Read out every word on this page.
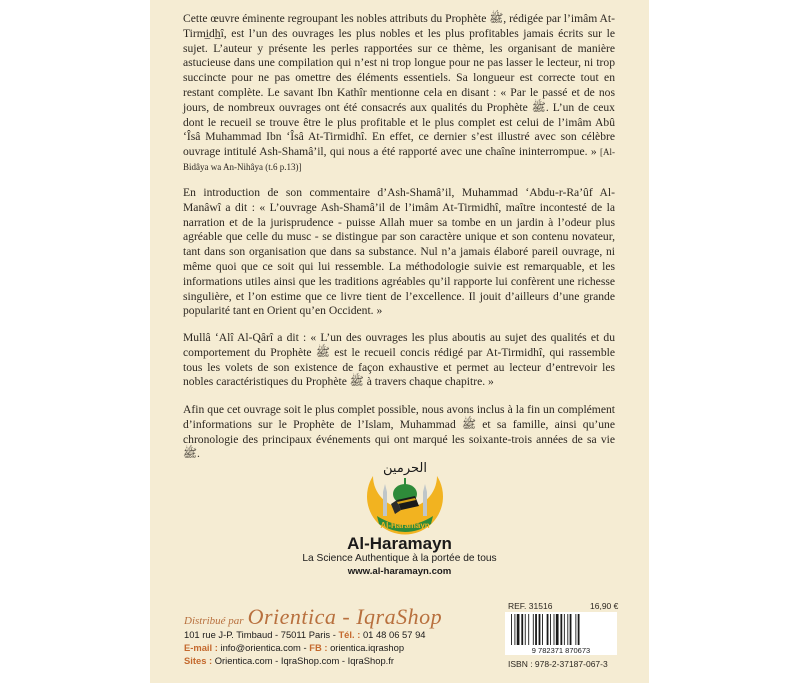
Cette œuvre éminente regroupant les nobles attributs du Prophète ﷺ, rédigée par l’imâm At-Tirmi̲dh̲î, est l’un des ouvrages les plus nobles et les plus profitables jamais écrits sur le sujet. L’auteur y présente les perles rapportées sur ce thème, les organisant de manière astucieuse dans une compilation qui n’est ni trop longue pour ne pas lasser le lecteur, ni trop succincte pour ne pas omettre des éléments essentiels. Sa longueur est correcte tout en restant complète. Le savant Ibn Kathîr mentionne cela en disant : « Par le passé et de nos jours, de nombreux ouvrages ont été consacrés aux qualités du Prophète ﷺ. L’un de ceux dont le recueil se trouve être le plus profitable et le plus complet est celui de l’imâm Abû ‘Îsâ Muhammad Ibn ‘Îsâ At-Tirmidhî. En effet, ce dernier s’est illustré avec son célèbre ouvrage intitulé Ash-Shamâ’il, qui nous a été rapporté avec une chaîne ininterrompue. » [Al-Bidâya wa An-Nihâya (t.6 p.13)]

En introduction de son commentaire d’Ash-Shamâ’il, Muhammad ‘Abdu-r-Ra’ûf Al-Manâwî a dit : « L’ouvrage Ash-Shamâ’il de l’imâm At-Tirmidhî, maître incontesté de la narration et de la jurisprudence - puisse Allah muer sa tombe en un jardin à l’odeur plus agréable que celle du musc - se distingue par son caractère unique et son contenu novateur, tant dans son organisation que dans sa substance. Nul n’a jamais élaboré pareil ouvrage, ni même quoi que ce soit qui lui ressemble. La méthodologie suivie est remarquable, et les informations utiles ainsi que les traditions agréables qu’il rapporte lui confèrent une richesse singulière, et l’on estime que ce livre tient de l’excellence. Il jouit d’ailleurs d’une grande popularité tant en Orient qu’en Occident. »

Mullâ ‘Alî Al-Qârî a dit : « L’un des ouvrages les plus aboutis au sujet des qualités et du comportement du Prophète ﷺ est le recueil concis rédigé par At-Tirmidhî, qui rassemble tous les volets de son existence de façon exhaustive et permet au lecteur d’entrevoir les nobles caractéristiques du Prophète ﷺ à travers chaque chapitre. »

Afin que cet ouvrage soit le plus complet possible, nous avons inclus à la fin un complément d’informations sur le Prophète de l’Islam, Muhammad ﷺ et sa famille, ainsi qu’une chronologie des principaux événements qui ont marqué les soixante-trois années de sa vie ﷺ.

Al-Haramayn
الحرمين
Al-Haramayn
La Science Authentique à la portée de tous
www.al-haramayn.com
Distribué par Orientica - IqraShop
101 rue J-P. Timbaud - 75011 Paris - Tél. : 01 48 06 57 94
E-mail : info@orientica.com - FB : orientica.iqrashop
Sites : Orientica.com - IqraShop.com - IqraShop.fr
REF. 31516	16,90 €
9 782371 870673
ISBN : 978-2-37187-067-3
